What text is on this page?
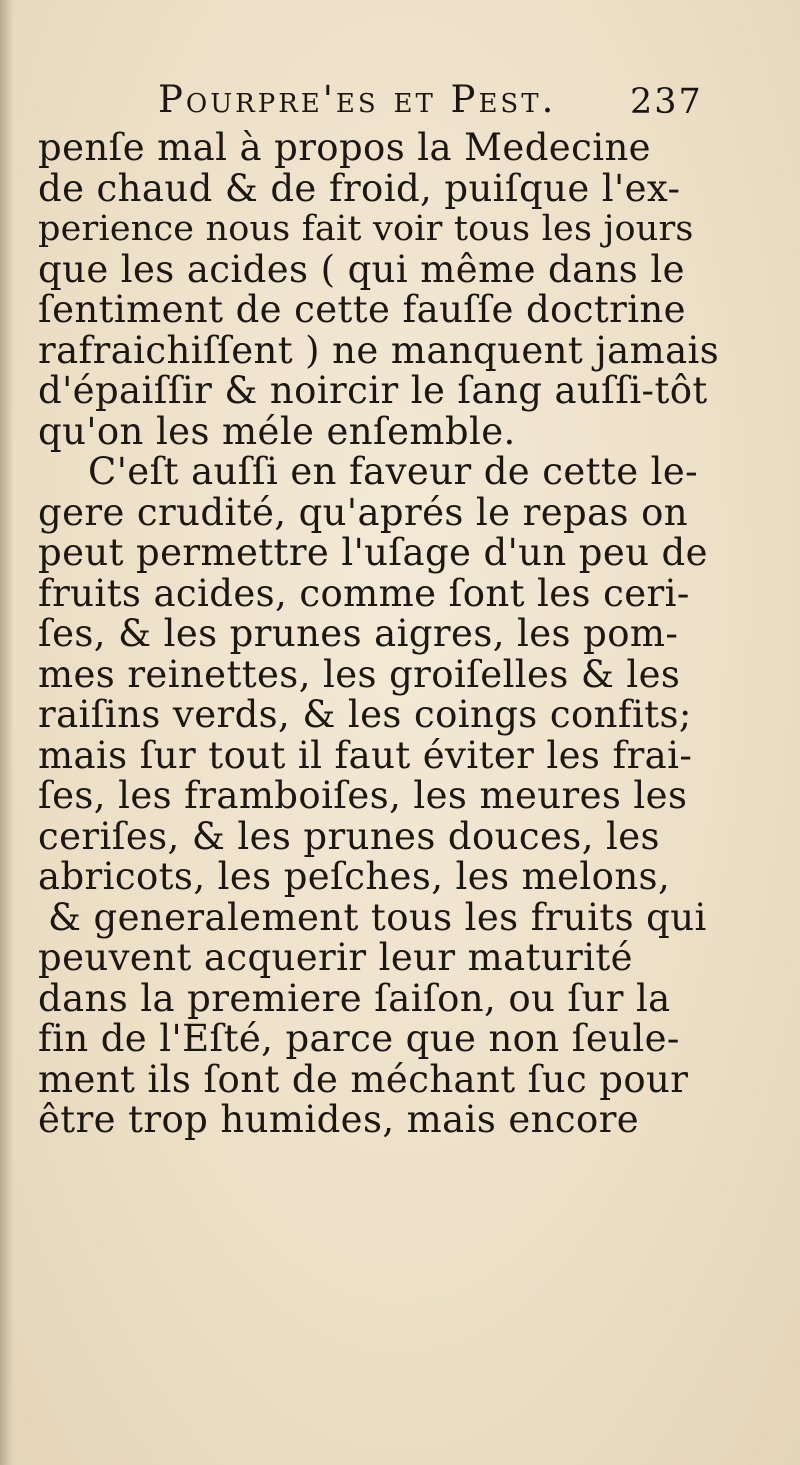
Pourpre'es et Pest. 237
penſe mal à propos la Medecine
de chaud & de froid, puiſque l'ex-
perience nous fait voir tous les jours
que les acides ( qui même dans le
ſentiment de cette fauſſe doctrine
rafraichiſſent ) ne manquent jamais
d'épaiſſir & noircir le ſang auſſi-tôt
qu'on les méle enſemble.
C'eſt auſſi en faveur de cette le-
gere crudité, qu'aprés le repas on
peut permettre l'uſage d'un peu de
fruits acides, comme ſont les ceri-
ſes, & les prunes aigres, les pom-
mes reinettes, les groiſelles & les
raiſins verds, & les coings confits;
mais ſur tout il faut éviter les frai-
ſes, les framboiſes, les meures les
ceriſes, & les prunes douces, les
abricots, les peſches, les melons,
& generalement tous les fruits qui
peuvent acquerir leur maturité
dans la premiere ſaiſon, ou ſur la
fin de l'Eſté, parce que non ſeule-
ment ils ſont de méchant ſuc pour
être trop humides, mais encore
